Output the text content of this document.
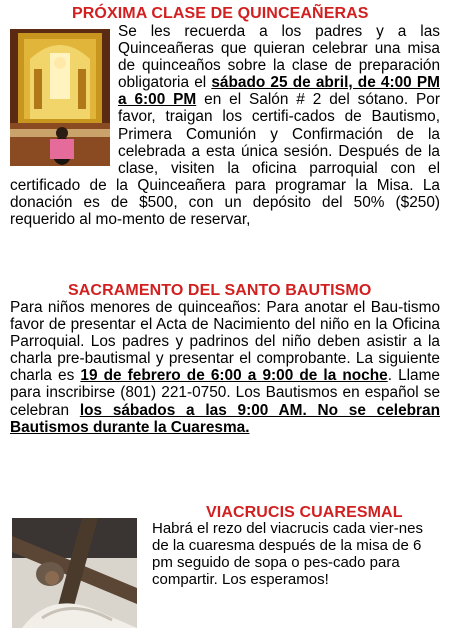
PRÓXIMA CLASE DE QUINCEAÑERAS
Se les recuerda a los padres y a las Quinceañeras que quieran celebrar una misa de quinceaños sobre la clase de preparación obligatoria el sábado 25 de abril, de 4:00 PM a 6:00 PM en el Salón # 2 del sótano. Por favor, traigan los certifi-cados de Bautismo, Primera Comunión y Confirmación de la celebrada a esta única sesión. Después de la clase, visiten la oficina parroquial con el certificado de la Quinceañera para programar la Misa. La donación es de $500, con un depósito del 50% ($250) requerido al mo-mento de reservar,
SACRAMENTO DEL SANTO BAUTISMO
Para niños menores de quinceaños: Para anotar el Bau-tismo favor de presentar el Acta de Nacimiento del niño en la Oficina Parroquial. Los padres y padrinos del niño deben asistir a la charla pre-bautismal y presentar el comprobante. La siguiente charla es 19 de febrero de 6:00 a 9:00 de la noche. Llame para inscribirse (801) 221-0750. Los Bautismos en español se celebran los sábados a las 9:00 AM. No se celebran Bautismos durante la Cuaresma.
VIACRUCIS CUARESMAL
Habrá el rezo del viacrucis cada vier-nes de la cuaresma después de la misa de 6 pm seguido de sopa o pes-cado para compartir. Los esperamos!
